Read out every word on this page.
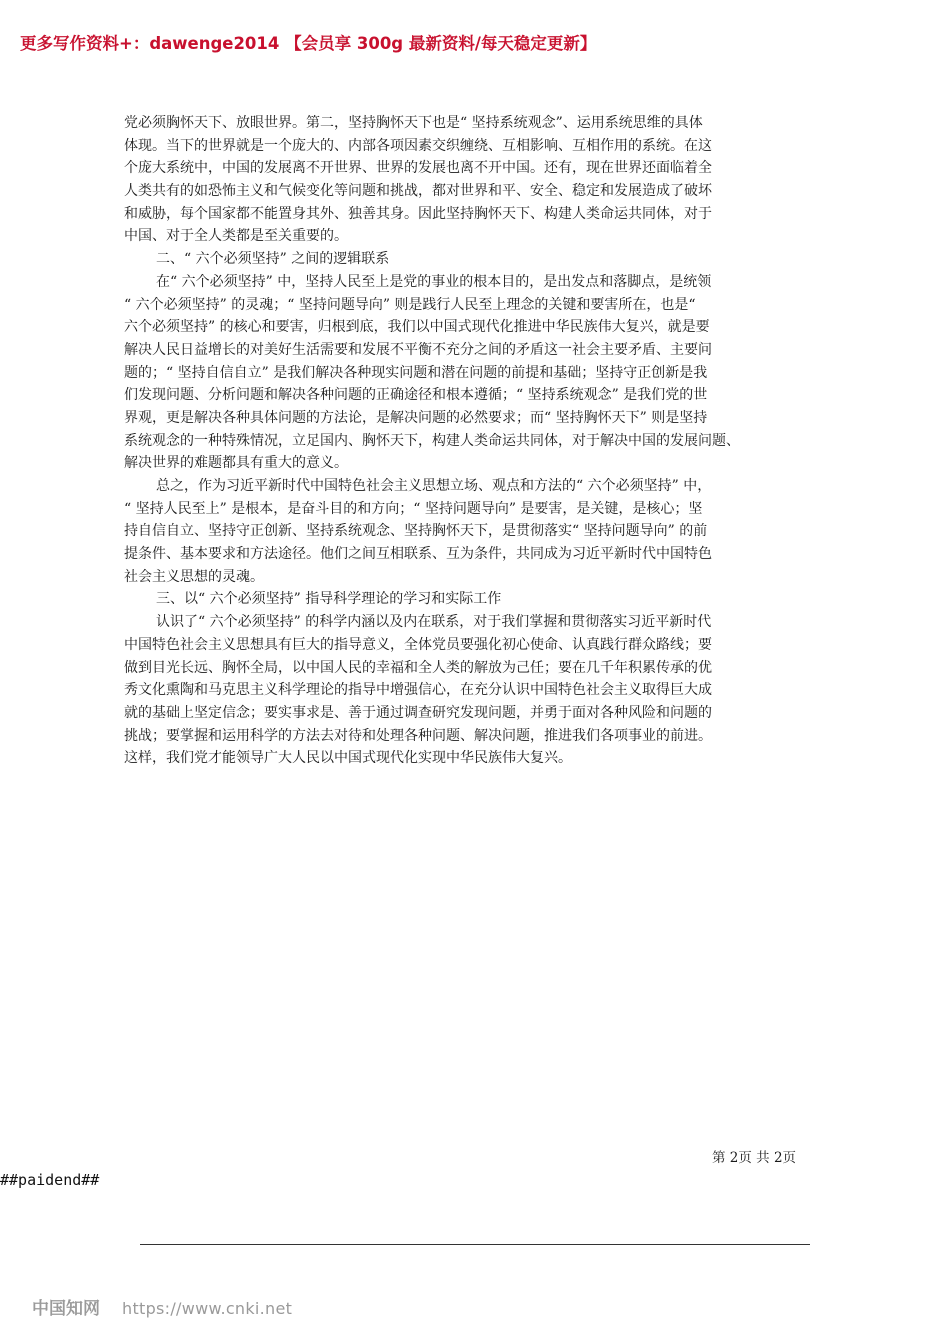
更多写作资料+：dawenge2014 【会员享 300g 最新资料/每天稳定更新】
党必须胸怀天下、放眼世界。第二，坚持胸怀天下也是“ 坚持系统观念”、运用系统思维的具体
体现。当下的世界就是一个庞大的、内部各项因素交织缠绕、互相影响、互相作用的系统。在这
个庞大系统中，中国的发展离不开世界、世界的发展也离不开中国。还有，现在世界还面临着全
人类共有的如恐怖主义和气候变化等问题和挑战，都对世界和平、安全、稳定和发展造成了破坏
和威胁，每个国家都不能置身其外、独善其身。因此坚持胸怀天下、构建人类命运共同体，对于
中国、对于全人类都是至关重要的。
二、“ 六个必须坚持” 之间的逻辑联系
在“ 六个必须坚持” 中，坚持人民至上是党的事业的根本目的，是出发点和落脚点，是统领
“ 六个必须坚持” 的灵魂；“ 坚持问题导向” 则是践行人民至上理念的关键和要害所在，也是“
六个必须坚持” 的核心和要害，归根到底，我们以中国式现代化推进中华民族伟大复兴，就是要
解决人民日益增长的对美好生活需要和发展不平衡不充分之间的矛盾这一社会主要矛盾、主要问
题的；“ 坚持自信自立” 是我们解决各种现实问题和潜在问题的前提和基础；坚持守正创新是我
们发现问题、分析问题和解决各种问题的正确途径和根本遵循；“ 坚持系统观念” 是我们党的世
界观，更是解决各种具体问题的方法论，是解决问题的必然要求；而“ 坚持胸怀天下” 则是坚持
系统观念的一种特殊情况，立足国内、胸怀天下，构建人类命运共同体，对于解决中国的发展问题、
解决世界的难题都具有重大的意义。
总之，作为习近平新时代中国特色社会主义思想立场、观点和方法的“ 六个必须坚持” 中，
“ 坚持人民至上” 是根本，是奋斗目的和方向；“ 坚持问题导向” 是要害，是关键，是核心；坚
持自信自立、坚持守正创新、坚持系统观念、坚持胸怀天下，是贯彻落实“ 坚持问题导向” 的前
提条件、基本要求和方法途径。他们之间互相联系、互为条件，共同成为习近平新时代中国特色
社会主义思想的灵魂。
三、以“ 六个必须坚持” 指导科学理论的学习和实际工作
认识了“ 六个必须坚持” 的科学内涵以及内在联系，对于我们掌握和贯彻落实习近平新时代
中国特色社会主义思想具有巨大的指导意义，全体党员要强化初心使命、认真践行群众路线；要
做到目光长远、胸怀全局，以中国人民的幸福和全人类的解放为己任；要在几千年积累传承的优
秀文化熏陶和马克思主义科学理论的指导中增强信心，在充分认识中国特色社会主义取得巨大成
就的基础上坚定信念；要实事求是、善于通过调查研究发现问题，并勇于面对各种风险和问题的
挑战；要掌握和运用科学的方法去对待和处理各种问题、解决问题，推进我们各项事业的前进。
这样，我们党才能领导广大人民以中国式现代化实现中华民族伟大复兴。
第 2页 共 2页
##paidend##
中国知网 https://www.cnki.net
